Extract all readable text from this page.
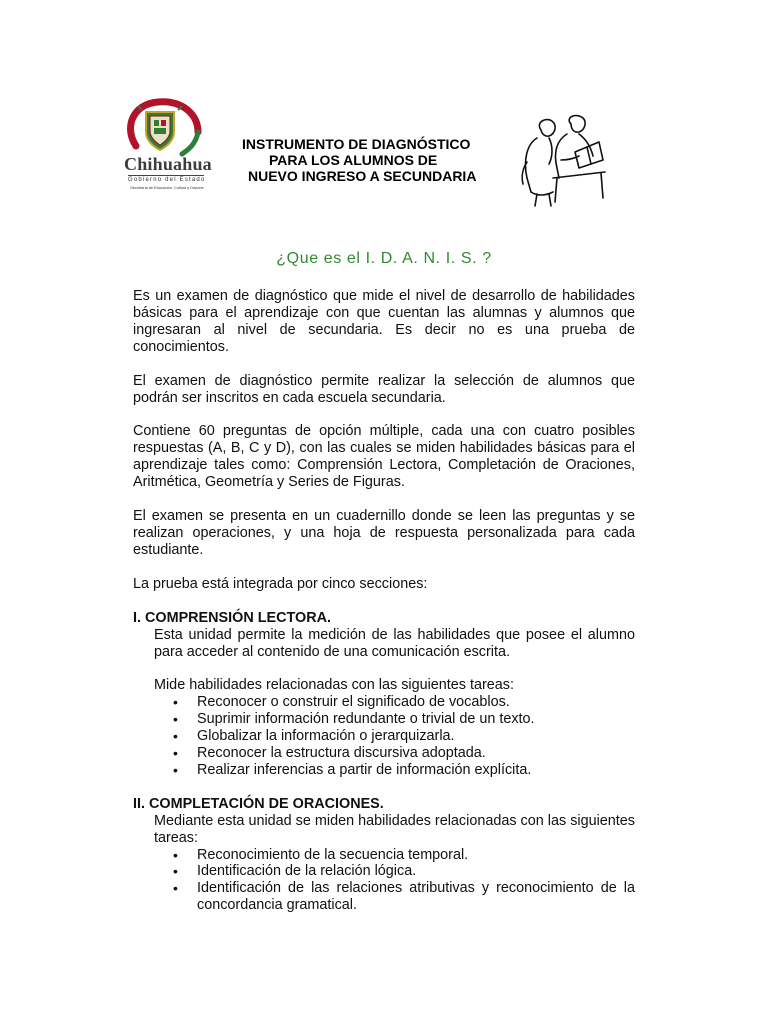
Chihuahua
Gobierno del Estado
Secretaría de Educación, Cultura y Deporte
INSTRUMENTO DE DIAGNÓSTICO
PARA LOS ALUMNOS DE
NUEVO INGRESO A SECUNDARIA
¿Que es el I. D. A. N. I. S. ?

Es un examen de diagnóstico que mide el nivel de desarrollo de habilidades básicas para el aprendizaje con que cuentan las alumnas y alumnos que ingresaran al nivel de secundaria. Es decir no es una prueba de conocimientos.

El examen de diagnóstico permite realizar la selección de alumnos que podrán ser inscritos en cada escuela secundaria.

Contiene 60 preguntas de opción múltiple, cada una con cuatro posibles respuestas (A, B, C y D), con las cuales se miden habilidades básicas para el aprendizaje tales como: Comprensión Lectora, Completación de Oraciones, Aritmética, Geometría y Series de Figuras.

El examen se presenta en un cuadernillo donde se leen las preguntas y se realizan operaciones, y una hoja de respuesta personalizada para cada estudiante.

La prueba está integrada por cinco secciones:

I. COMPRENSIÓN LECTORA.

Esta unidad permite la medición de las habilidades que posee el alumno para acceder al contenido de una comunicación escrita.

Mide habilidades relacionadas con las siguientes tareas:

• Reconocer o construir el significado de vocablos.
• Suprimir información redundante o trivial de un texto.
• Globalizar la información o jerarquizarla.
• Reconocer la estructura discursiva adoptada.
• Realizar inferencias a partir de información explícita.

II. COMPLETACIÓN DE ORACIONES.

Mediante esta unidad se miden habilidades relacionadas con las siguientes tareas:

• Reconocimiento de la secuencia temporal.
• Identificación de la relación lógica.
• Identificación de las relaciones atributivas y reconocimiento de la concordancia gramatical.
